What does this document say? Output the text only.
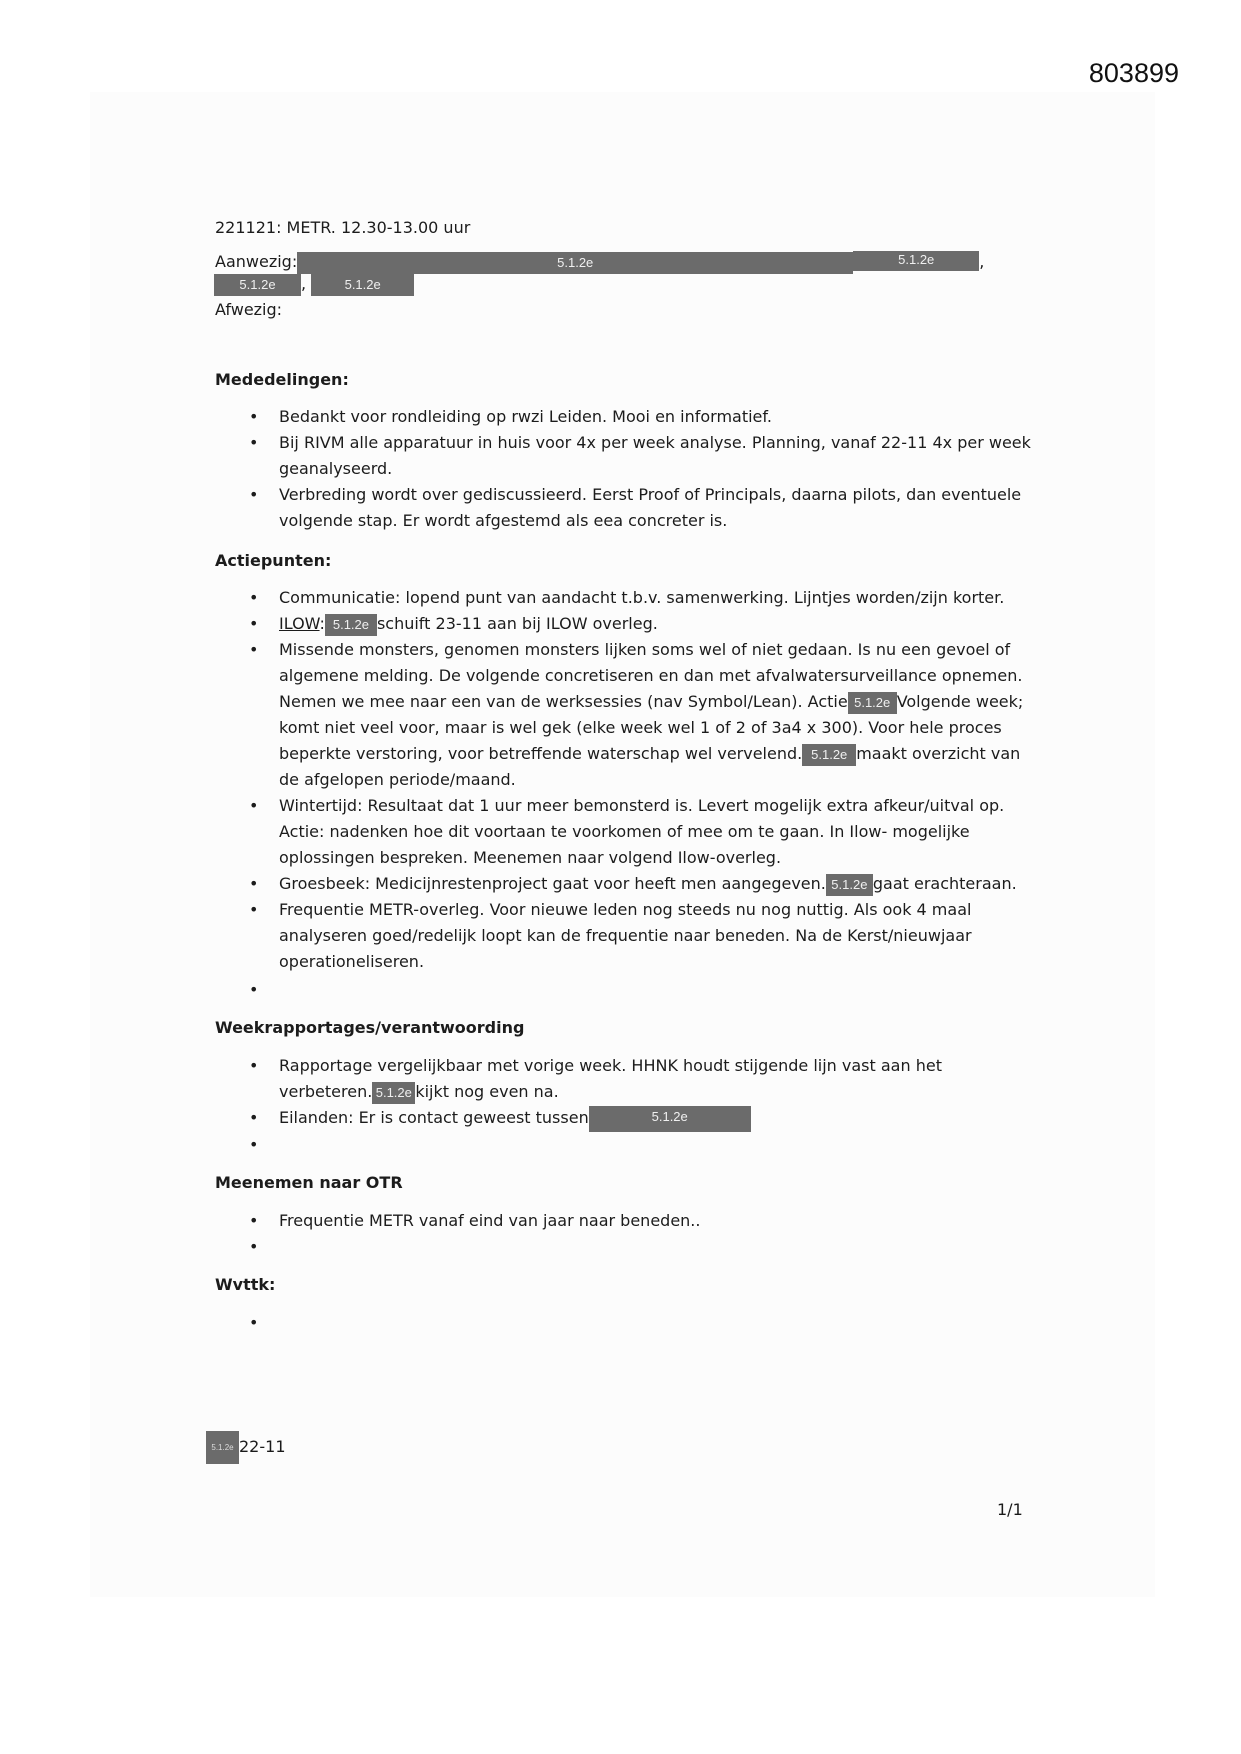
803899
221121: METR. 12.30-13.00 uur
Aanwezig:	5.1.2e	5.1.2e	,
5.1.2e ,	5.1.2e
Afwezig:
Mededelingen:
• Bedankt voor rondleiding op rwzi Leiden. Mooi en informatief.
• Bij RIVM alle apparatuur in huis voor 4x per week analyse. Planning, vanaf 22-11 4x per week
geanalyseerd.
• Verbreding wordt over gediscussieerd. Eerst Proof of Principals, daarna pilots, dan eventuele
volgende stap. Er wordt afgestemd als eea concreter is.
Actiepunten:
• Communicatie: lopend punt van aandacht t.b.v. samenwerking. Lijntjes worden/zijn korter.
• ILOW: 5.1.2e schuift 23-11 aan bij ILOW overleg.
• Missende monsters, genomen monsters lijken soms wel of niet gedaan. Is nu een gevoel of
algemene melding. De volgende concretiseren en dan met afvalwatersurveillance opnemen.
Nemen we mee naar een van de werksessies (nav Symbol/Lean). Actie 5.1.2e Volgende week;
komt niet veel voor, maar is wel gek (elke week wel 1 of 2 of 3a4 x 300). Voor hele proces
beperkte verstoring, voor betreffende waterschap wel vervelend. 5.1.2e maakt overzicht van
de afgelopen periode/maand.
• Wintertijd: Resultaat dat 1 uur meer bemonsterd is. Levert mogelijk extra afkeur/uitval op.
Actie: nadenken hoe dit voortaan te voorkomen of mee om te gaan. In Ilow- mogelijke
oplossingen bespreken. Meenemen naar volgend Ilow-overleg.
• Groesbeek: Medicijnrestenproject gaat voor heeft men aangegeven. 5.1.2e gaat erachteraan.
• Frequentie METR-overleg. Voor nieuwe leden nog steeds nu nog nuttig. Als ook 4 maal
analyseren goed/redelijk loopt kan de frequentie naar beneden. Na de Kerst/nieuwjaar
operationeliseren.
•
Weekrapportages/verantwoording
• Rapportage vergelijkbaar met vorige week. HHNK houdt stijgende lijn vast aan het
verbeteren. 5.1.2e kijkt nog even na.
• Eilanden: Er is contact geweest tussen	5.1.2e
•
Meenemen naar OTR
• Frequentie METR vanaf eind van jaar naar beneden..
•
Wvttk:
•
5.1.2e 22-11
1/1
